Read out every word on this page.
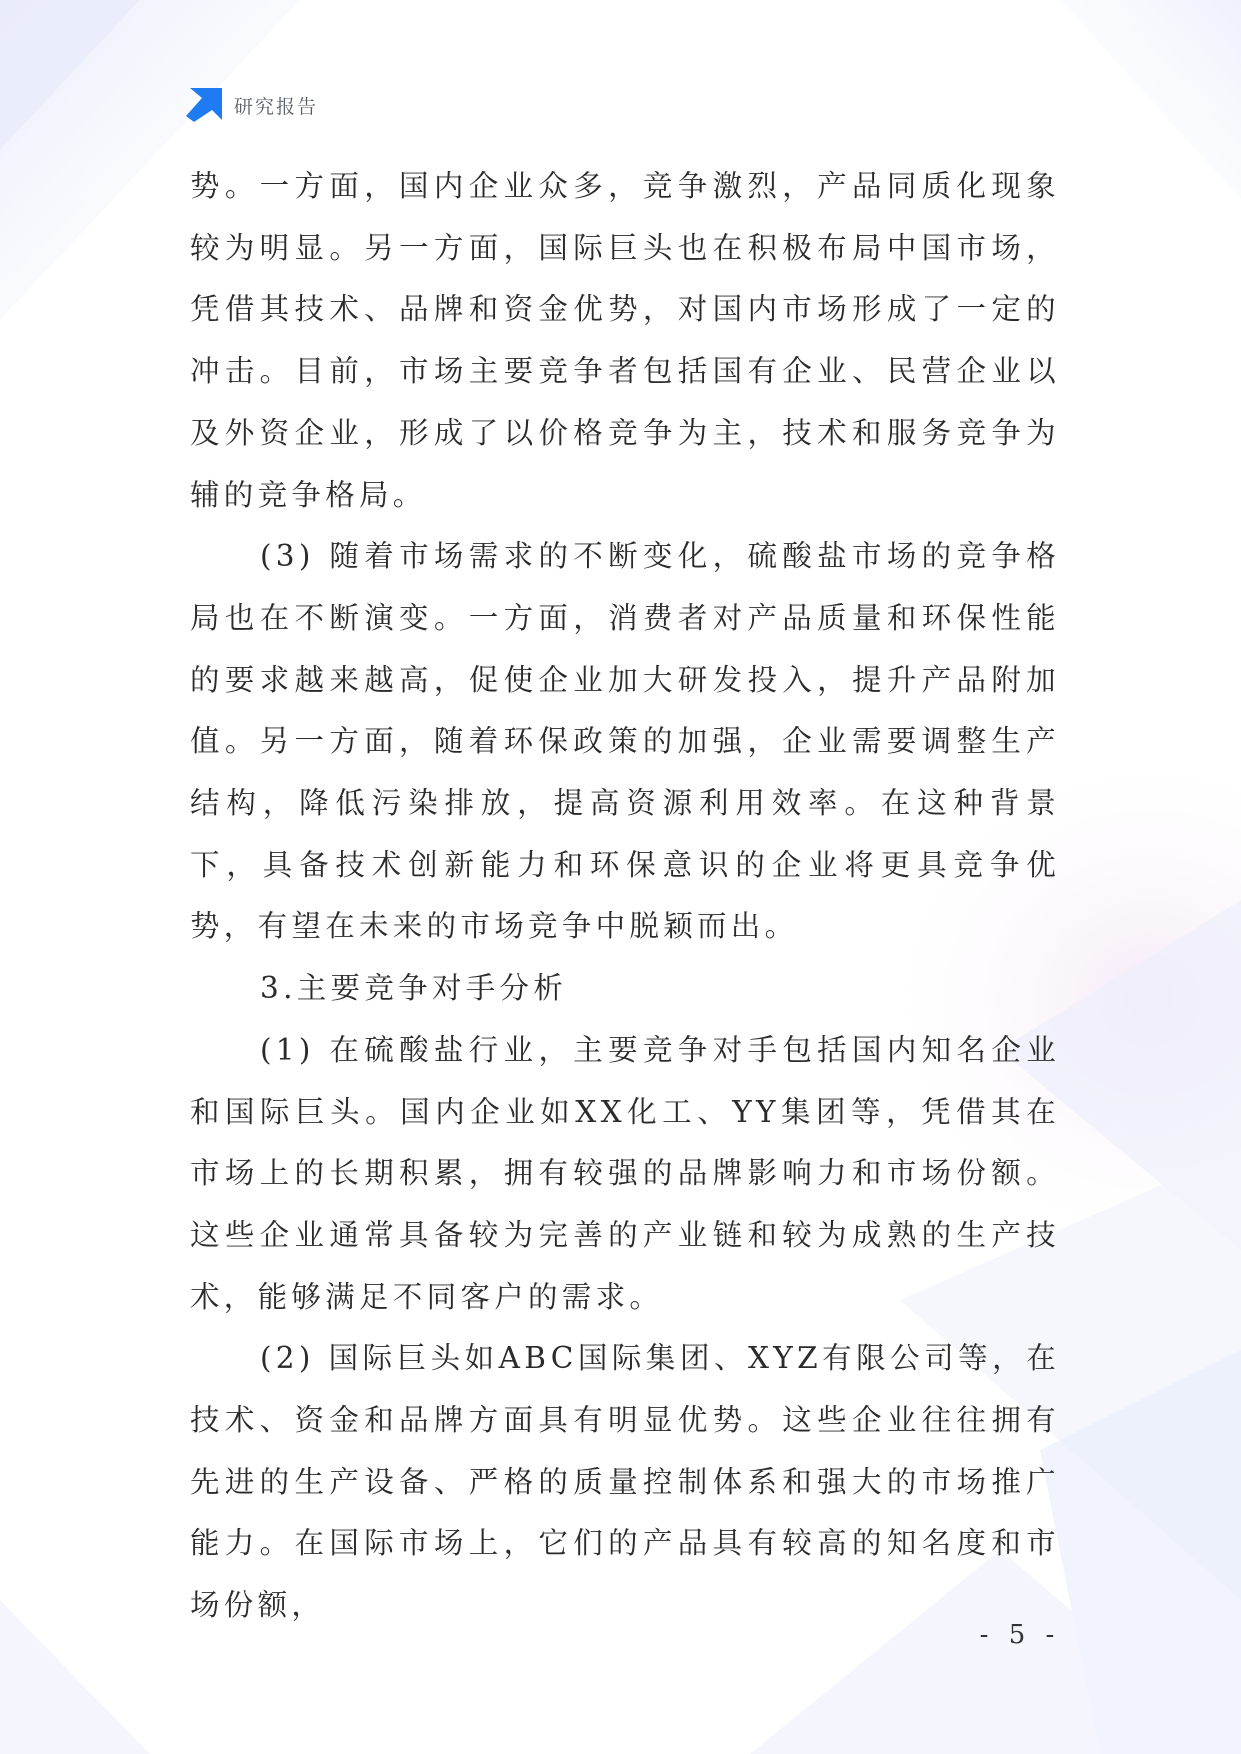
研究报告

势。一方面，国内企业众多，竞争激烈，产品同质化现象较为明显。另一方面，国际巨头也在积极布局中国市场，凭借其技术、品牌和资金优势，对国内市场形成了一定的冲击。目前，市场主要竞争者包括国有企业、民营企业以及外资企业，形成了以价格竞争为主，技术和服务竞争为辅的竞争格局。

(3) 随着市场需求的不断变化，硫酸盐市场的竞争格局也在不断演变。一方面，消费者对产品质量和环保性能的要求越来越高，促使企业加大研发投入，提升产品附加值。另一方面，随着环保政策的加强，企业需要调整生产结构，降低污染排放，提高资源利用效率。在这种背景下，具备技术创新能力和环保意识的企业将更具竞争优势，有望在未来的市场竞争中脱颖而出。

3.主要竞争对手分析

(1) 在硫酸盐行业，主要竞争对手包括国内知名企业和国际巨头。国内企业如XX化工、YY集团等，凭借其在市场上的长期积累，拥有较强的品牌影响力和市场份额。这些企业通常具备较为完善的产业链和较为成熟的生产技术，能够满足不同客户的需求。

(2) 国际巨头如ABC国际集团、XYZ有限公司等，在技术、资金和品牌方面具有明显优势。这些企业往往拥有先进的生产设备、严格的质量控制体系和强大的市场推广能力。在国际市场上，它们的产品具有较高的知名度和市场份额，

- 5 -
